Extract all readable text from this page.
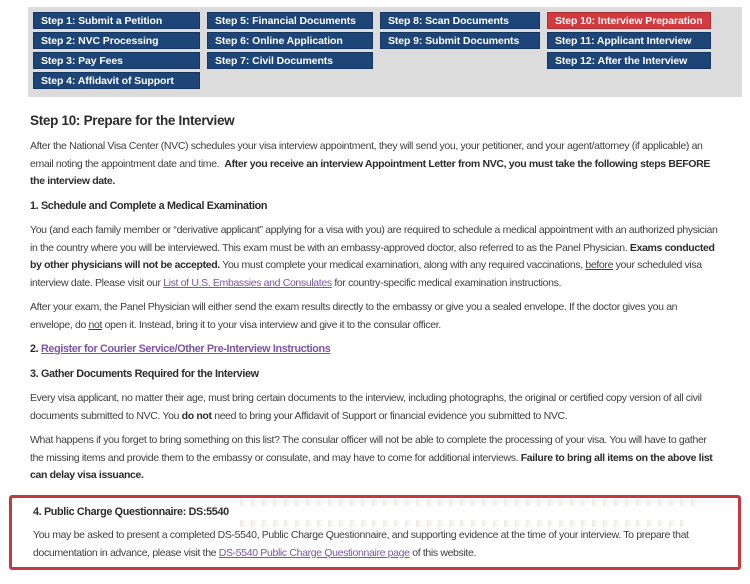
Step 1: Submit a Petition
Step 2: NVC Processing
Step 3: Pay Fees
Step 4: Affidavit of Support
Step 5: Financial Documents
Step 6: Online Application
Step 7: Civil Documents
Step 8: Scan Documents
Step 9: Submit Documents
Step 10: Interview Preparation
Step 11: Applicant Interview
Step 12: After the Interview
Step 10: Prepare for the Interview

After the National Visa Center (NVC) schedules your visa interview appointment, they will send you, your petitioner, and your agent/attorney (if applicable) an email noting the appointment date and time.  After you receive an interview Appointment Letter from NVC, you must take the following steps BEFORE the interview date.

1. Schedule and Complete a Medical Examination

You (and each family member or “derivative applicant” applying for a visa with you) are required to schedule a medical appointment with an authorized physician in the country where you will be interviewed. This exam must be with an embassy-approved doctor, also referred to as the Panel Physician. Exams conducted by other physicians will not be accepted. You must complete your medical examination, along with any required vaccinations, before your scheduled visa interview date. Please visit our List of U.S. Embassies and Consulates for country-specific medical examination instructions.

After your exam, the Panel Physician will either send the exam results directly to the embassy or give you a sealed envelope. If the doctor gives you an envelope, do not open it. Instead, bring it to your visa interview and give it to the consular officer.

2. Register for Courier Service/Other Pre-Interview Instructions
3. Gather Documents Required for the Interview

Every visa applicant, no matter their age, must bring certain documents to the interview, including photographs, the original or certified copy version of all civil documents submitted to NVC. You do not need to bring your Affidavit of Support or financial evidence you submitted to NVC.

What happens if you forget to bring something on this list? The consular officer will not be able to complete the processing of your visa. You will have to gather the missing items and provide them to the embassy or consulate, and may have to come for additional interviews. Failure to bring all items on the above list can delay visa issuance.

4. Public Charge Questionnaire: DS:5540

You may be asked to present a completed DS-5540, Public Charge Questionnaire, and supporting evidence at the time of your interview. To prepare that documentation in advance, please visit the DS-5540 Public Charge Questionnaire page of this website.
